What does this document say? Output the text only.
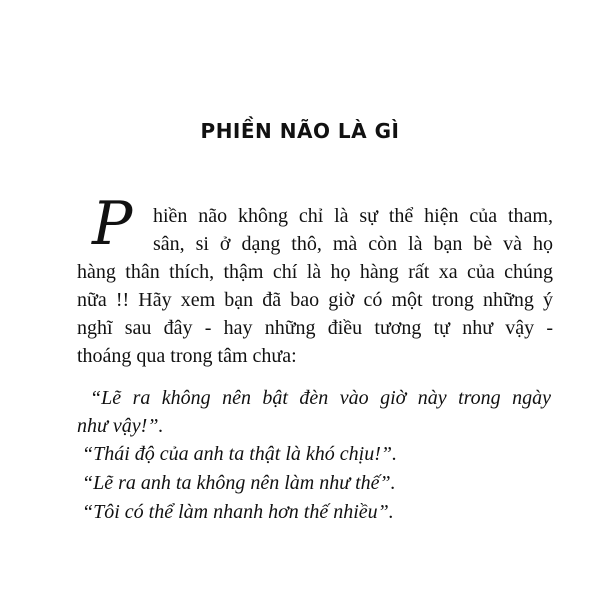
PHIỀN NÃO LÀ GÌ
P hiền não không chỉ là sự thể hiện của tham,
sân, si ở dạng thô, mà còn là bạn bè và họ
hàng thân thích, thậm chí là họ hàng rất xa của chúng
nữa !! Hãy xem bạn đã bao giờ có một trong những ý
nghĩ sau đây - hay những điều tương tự như vậy -
thoáng qua trong tâm chưa:
“Lẽ ra không nên bật đèn vào giờ này trong ngày
như vậy!”.
“Thái độ của anh ta thật là khó chịu!”.
“Lẽ ra anh ta không nên làm như thế”.
“Tôi có thể làm nhanh hơn thế nhiều”.
